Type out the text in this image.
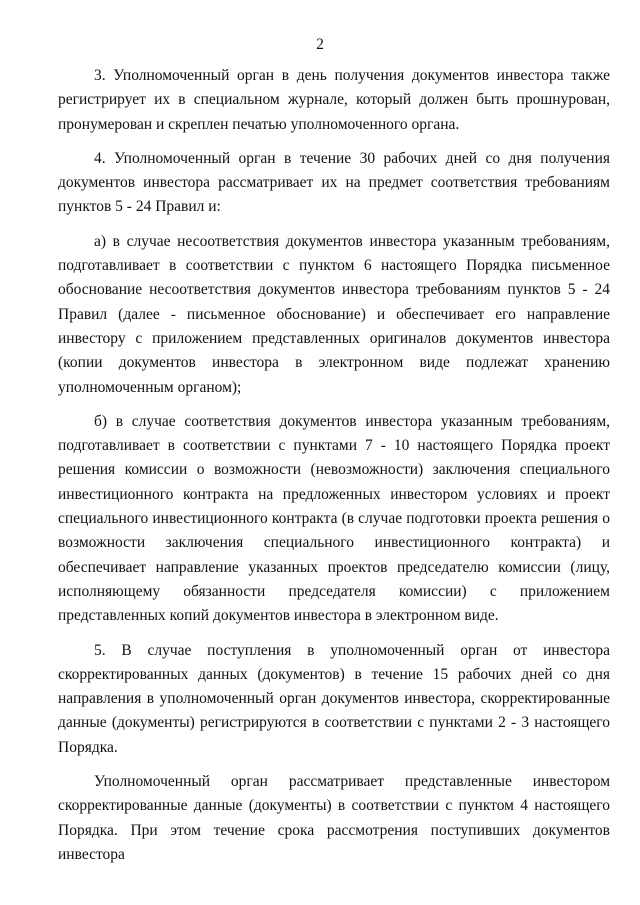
2

3. Уполномоченный орган в день получения документов инвестора также регистрирует их в специальном журнале, который должен быть прошнурован, пронумерован и скреплен печатью уполномоченного органа.

4. Уполномоченный орган в течение 30 рабочих дней со дня получения документов инвестора рассматривает их на предмет соответствия требованиям пунктов 5 - 24 Правил и:

а) в случае несоответствия документов инвестора указанным требованиям, подготавливает в соответствии с пунктом 6 настоящего Порядка письменное обоснование несоответствия документов инвестора требованиям пунктов 5 - 24 Правил (далее - письменное обоснование) и обеспечивает его направление инвестору с приложением представленных оригиналов документов инвестора (копии документов инвестора в электронном виде подлежат хранению уполномоченным органом);

б) в случае соответствия документов инвестора указанным требованиям, подготавливает в соответствии с пунктами 7 - 10 настоящего Порядка проект решения комиссии о возможности (невозможности) заключения специального инвестиционного контракта на предложенных инвестором условиях и проект специального инвестиционного контракта (в случае подготовки проекта решения о возможности заключения специального инвестиционного контракта) и обеспечивает направление указанных проектов председателю комиссии (лицу, исполняющему обязанности председателя комиссии) с приложением представленных копий документов инвестора в электронном виде.

5. В случае поступления в уполномоченный орган от инвестора скорректированных данных (документов) в течение 15 рабочих дней со дня направления в уполномоченный орган документов инвестора, скорректированные данные (документы) регистрируются в соответствии с пунктами 2 - 3 настоящего Порядка.

Уполномоченный орган рассматривает представленные инвестором скорректированные данные (документы) в соответствии с пунктом 4 настоящего Порядка. При этом течение срока рассмотрения поступивших документов инвестора
